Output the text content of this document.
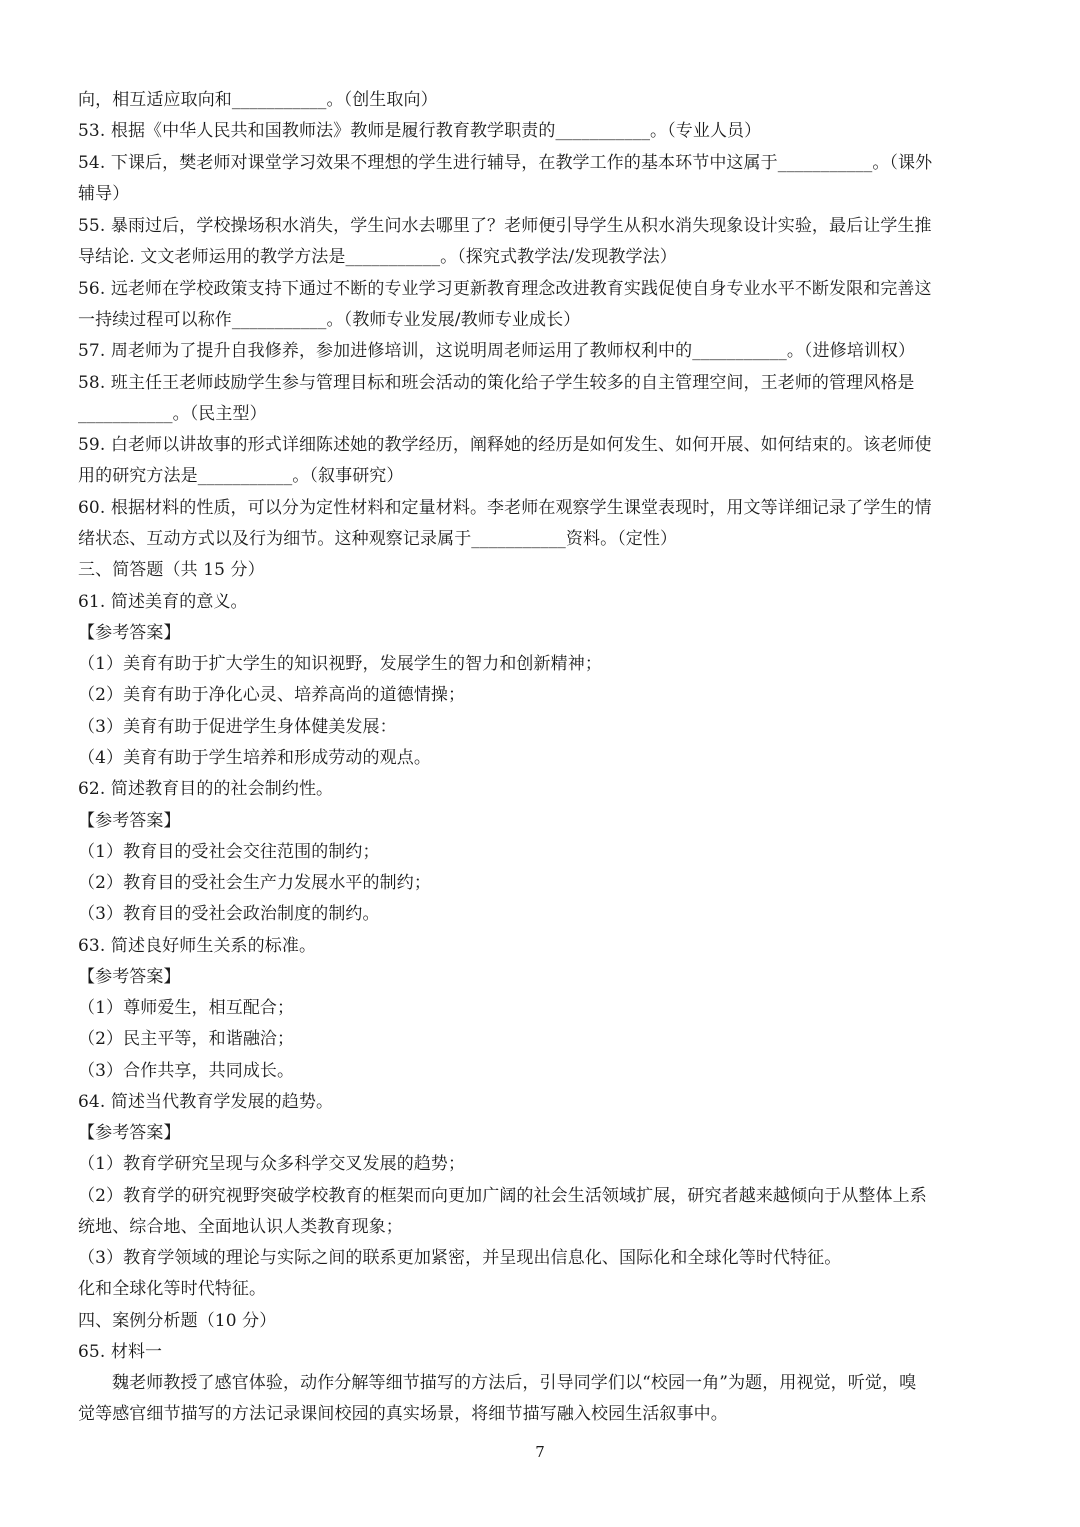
向，相互适应取向和___________。（创生取向）
53. 根据《中华人民共和国教师法》教师是履行教育教学职责的___________。（专业人员）
54. 下课后，樊老师对课堂学习效果不理想的学生进行辅导，在教学工作的基本环节中这属于___________。（课外
辅导）
55. 暴雨过后，学校操场积水消失，学生问水去哪里了？老师便引导学生从积水消失现象设计实验，最后让学生推
导结论. 文文老师运用的教学方法是___________。（探究式教学法/发现教学法）
56. 远老师在学校政策支持下通过不断的专业学习更新教育理念改进教育实践促使自身专业水平不断发限和完善这
一持续过程可以称作___________。（教师专业发展/教师专业成长）
57. 周老师为了提升自我修养，参加进修培训，这说明周老师运用了教师权利中的___________。（进修培训权）
58. 班主任王老师歧励学生参与管理目标和班会活动的策化给子学生较多的自主管理空间，王老师的管理风格是
___________。（民主型）
59. 白老师以讲故事的形式详细陈述她的教学经历，阐释她的经历是如何发生、如何开展、如何结束的。该老师使
用的研究方法是___________。（叙事研究）
60. 根据材料的性质，可以分为定性材料和定量材料。李老师在观察学生课堂表现时，用文等详细记录了学生的情
绪状态、互动方式以及行为细节。这种观察记录属于___________资料。（定性）
三、简答题（共 15 分）
61. 简述美育的意义。
【参考答案】
（1）美育有助于扩大学生的知识视野，发展学生的智力和创新精神；
（2）美育有助于净化心灵、培养高尚的道德情操；
（3）美育有助于促进学生身体健美发展：
（4）美育有助于学生培养和形成劳动的观点。
62. 简述教育目的的社会制约性。
【参考答案】
（1）教育目的受社会交往范围的制约；
（2）教育目的受社会生产力发展水平的制约；
（3）教育目的受社会政治制度的制约。
63. 简述良好师生关系的标准。
【参考答案】
（1）尊师爱生，相互配合；
（2）民主平等，和谐融洽；
（3）合作共享，共同成长。
64. 简述当代教育学发展的趋势。
【参考答案】
（1）教育学研究呈现与众多科学交叉发展的趋势；
（2）教育学的研究视野突破学校教育的框架而向更加广阔的社会生活领域扩展，研究者越来越倾向于从整体上系
统地、综合地、全面地认识人类教育现象；
（3）教育学领域的理论与实际之间的联系更加紧密，并呈现出信息化、国际化和全球化等时代特征。
化和全球化等时代特征。
四、案例分析题（10 分）
65. 材料一
魏老师教授了感官体验，动作分解等细节描写的方法后，引导同学们以“校园一角”为题，用视觉，听觉，嗅
觉等感官细节描写的方法记录课间校园的真实场景，将细节描写融入校园生活叙事中。
7
